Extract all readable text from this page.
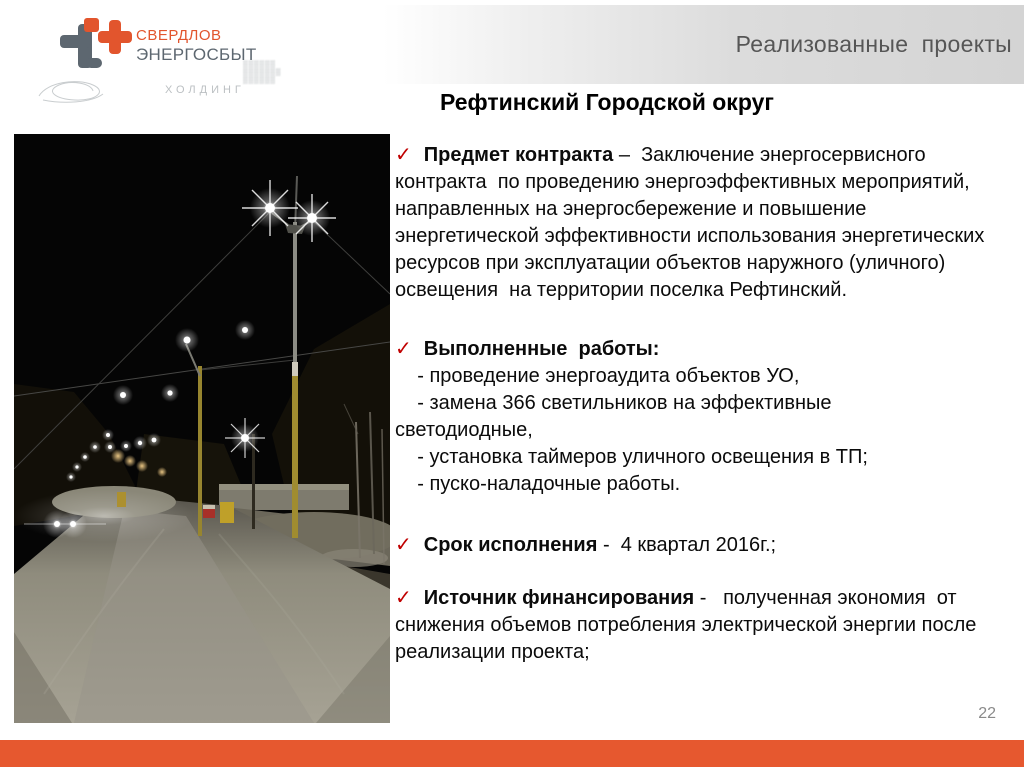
Реализованные  проекты
СВЕРДЛОВ
ЭНЕРГОСБЫТ
ХОЛДИНГ
▒▒▒▒▒▒
▒▒▒▒▒▒▒
▒▒▒▒▒▒
Рефтинский Городской округ

✓ Предмет контракта –  Заключение энергосервисного контракта  по проведению энергоэффективных мероприятий, направленных на энергосбережение и повышение энергетической эффективности использования энергетических ресурсов при эксплуатации объектов наружного (уличного) освещения  на территории поселка Рефтинский.

✓ Выполненные  работы:

- проведение энергоаудита объектов УО,
- замена 366 светильников на эффективные
светодиодные,
- установка таймеров уличного освещения в ТП;
- пуско-наладочные работы.

✓ Срок исполнения -  4 квартал 2016г.;

✓ Источник финансирования -   полученная экономия  от снижения объемов потребления электрической энергии после реализации проекта;

22
